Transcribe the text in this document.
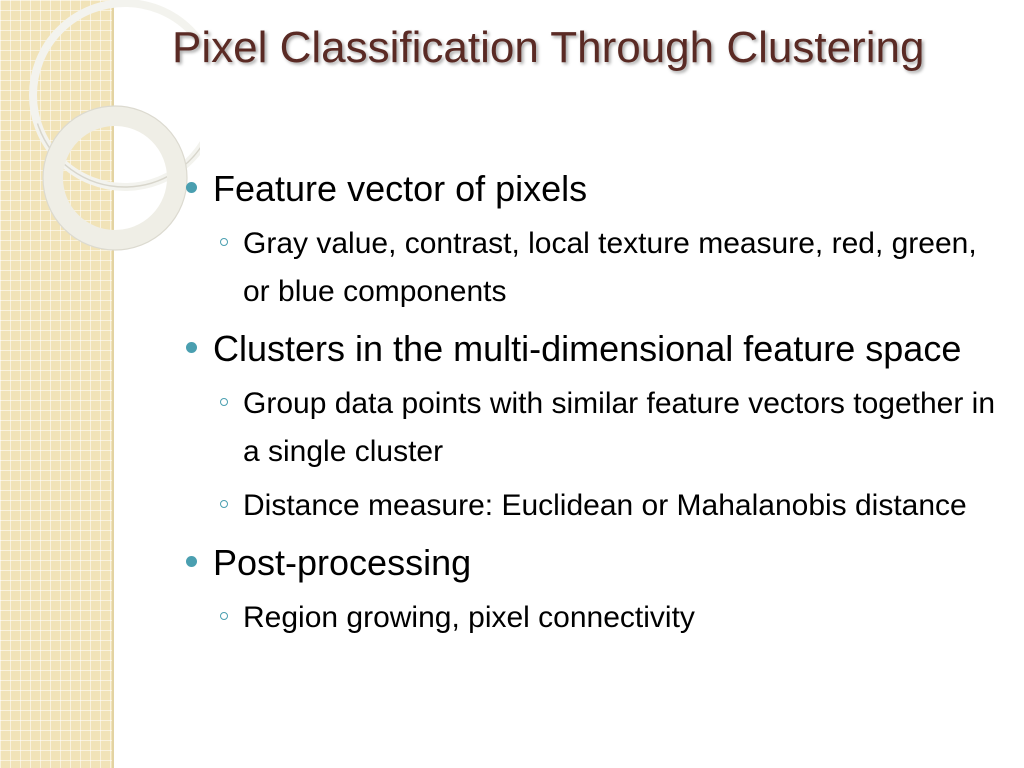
Pixel Classification Through Clustering
Feature vector of pixels
Gray value, contrast, local texture measure, red, green, or blue components
Clusters in the multi-dimensional feature space
Group data points with similar feature vectors together in a single cluster
Distance measure: Euclidean or Mahalanobis distance
Post-processing
Region growing, pixel connectivity
